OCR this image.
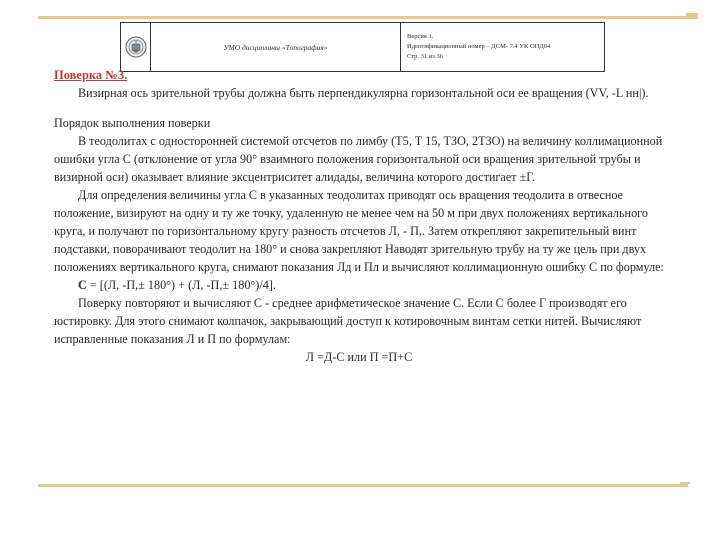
УМО дисциплины «Топография»
Версия 1.
Идентификационный номер – ДСМ- 7.4 УК ОПД04
Стр. 31 из 36

Поверка №3.

Визирная ось зрительной трубы должна быть перпендикулярна горизонтальной оси ее вращения (VV, -L нн|).

Порядок выполнения поверки

В теодолитах с односторонней системой отсчетов по лимбу (Т5, Т 15, ТЗО, 2ТЗО) на величину коллимационной ошибки угла С (отклонение от угла 90° взаимного положения горизонтальной оси вращения зрительной трубы и визирной оси) оказывает влияние эксцентриситет алидады, величина которого достигает ±Г.

Для определения величины угла С в указанных теодолитах приводят ось вращения теодолита в отвесное положение, визируют на одну и ту же точку, удаленную не менее чем на 50 м при двух положениях вертикального круга, и получают по горизонтальному кругу разность отсчетов Л, - П,. Затем открепляют закрепительный винт подставки, поворачивают теодолит на 180° и снова закрепляют Наводят зрительную трубу на ту же цель при двух положениях вертикального круга, снимают показания Лд и Пл и вычисляют коллимационную ошибку С по формуле:

С = [(Л, -П,± 180°) + (Л, -П,± 180°)/4].

Поверку повторяют и вычисляют С - среднее арифметическое значение С. Если С более Г производят его юстировку. Для этого снимают колпачок, закрывающий доступ к котировочным винтам сетки нитей. Вычисляют исправленные показания Л и П по формулам:

Л =Д-С или П =П+С
